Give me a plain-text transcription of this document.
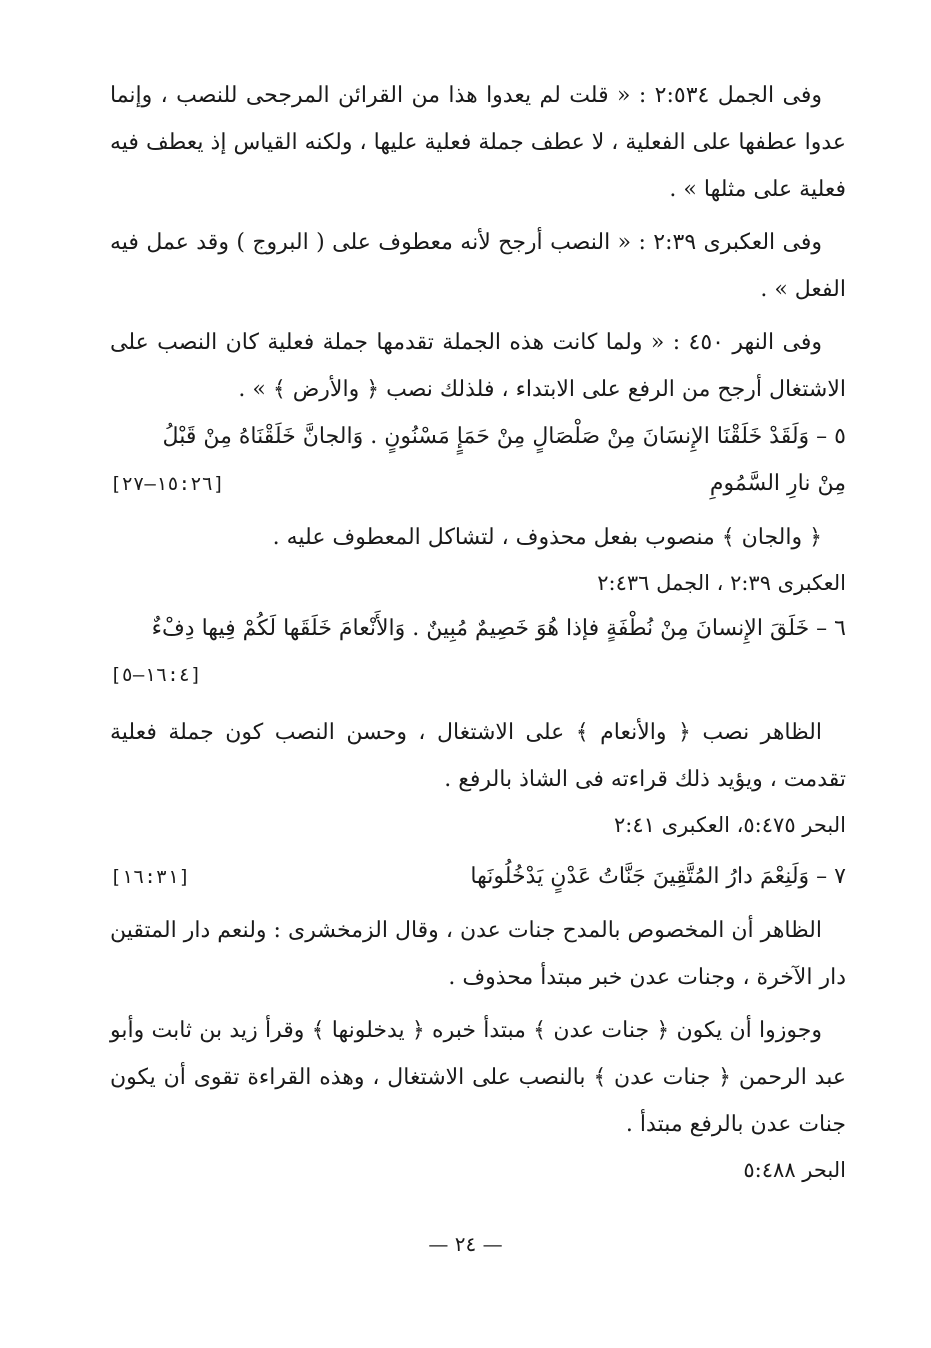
وفى الجمل ٢:٥٣٤ : « قلت لم يعدوا هذا من القرائن المرجحى للنصب ، وإنما عدوا عطفها على الفعلية ، لا عطف جملة فعلية عليها ، ولكنه القياس إذ يعطف فيه فعلية على مثلها » .

وفى العكبرى ٢:٣٩ : « النصب أرجح لأنه معطوف على ( البروج ) وقد عمل فيه الفعل » .

وفى النهر ٤٥٠ : « ولما كانت هذه الجملة تقدمها جملة فعلية كان النصب على الاشتغال أرجح من الرفع على الابتداء ، فلذلك نصب ﴿ والأرض ﴾ » .

٥ – وَلَقَدْ خَلَقْنَا الإِنسَانَ مِنْ صَلْصَالٍ مِنْ حَمَإٍ مَسْنُونٍ . وَالجانَّ خَلَقْنَاهُ مِنْ قَبْلُ

مِنْ نارِ السَّمُومِ
[١٥:٢٦—٢٧]

﴿ والجان ﴾ منصوب بفعل محذوف ، لتشاكل المعطوف عليه .

العكبرى ٢:٣٩ ، الجمل ٢:٤٣٦

٦ – خَلَقَ الإِنسانَ مِنْ نُطْفَةٍ فإذا هُوَ خَصِيمٌ مُبِينٌ . وَالأَنْعامَ خَلَقَها لَكُمْ فِيها دِفْءٌ

[١٦:٤—٥]

الظاهر نصب ﴿ والأنعام ﴾ على الاشتغال ، وحسن النصب كون جملة فعلية تقدمت ، ويؤيد ذلك قراءته فى الشاذ بالرفع .

البحر ٥:٤٧٥، العكبرى ٢:٤١

٧ – وَلَنِعْمَ دارُ المُتَّقِينَ جَنَّاتُ عَدْنٍ يَدْخُلُونَها
[١٦:٣١]

الظاهر أن المخصوص بالمدح جنات عدن ، وقال الزمخشرى : ولنعم دار المتقين دار الآخرة ، وجنات عدن خبر مبتدأ محذوف .

وجوزوا أن يكون ﴿ جنات عدن ﴾ مبتدأ خبره ﴿ يدخلونها ﴾ وقرأ زيد بن ثابت وأبو عبد الرحمن ﴿ جنات عدن ﴾ بالنصب على الاشتغال ، وهذه القراءة تقوى أن يكون جنات عدن بالرفع مبتدأ .

البحر ٥:٤٨٨

— ٢٤ —
